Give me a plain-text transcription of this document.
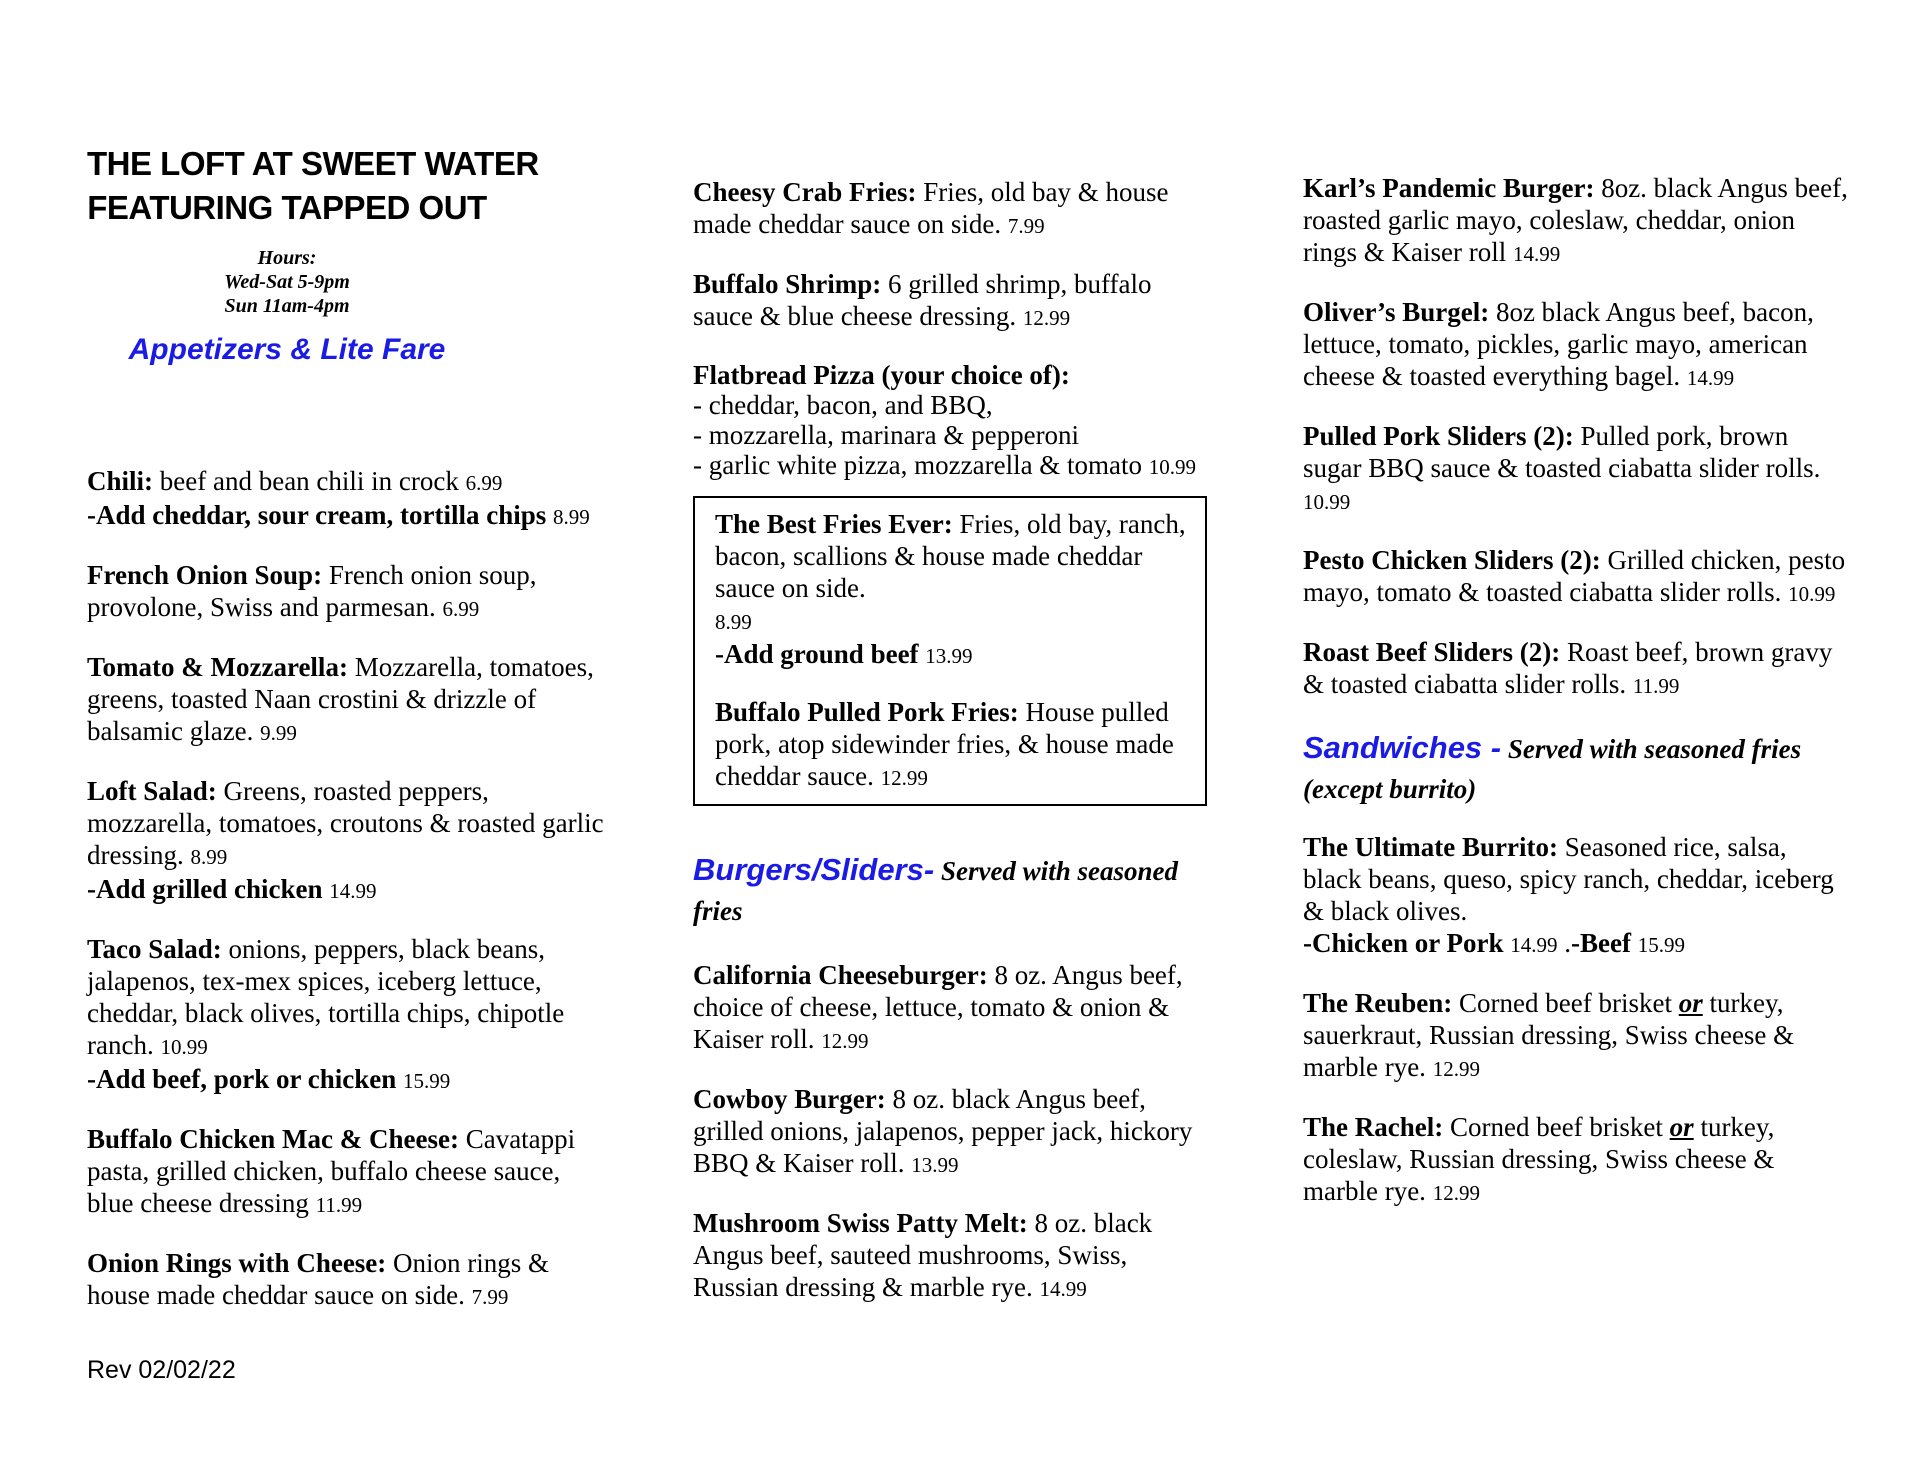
THE LOFT AT SWEET WATER
FEATURING TAPPED OUT
Hours:
Wed-Sat 5-9pm
Sun 11am-4pm
Appetizers & Lite Fare

Chili: beef and bean chili in crock 6.99
-Add cheddar, sour cream, tortilla chips 8.99

French Onion Soup: French onion soup, provolone, Swiss and parmesan. 6.99

Tomato & Mozzarella: Mozzarella, tomatoes, greens, toasted Naan crostini & drizzle of balsamic glaze. 9.99

Loft Salad: Greens, roasted peppers, mozzarella, tomatoes, croutons & roasted garlic dressing. 8.99
-Add grilled chicken 14.99

Taco Salad: onions, peppers, black beans, jalapenos, tex-mex spices, iceberg lettuce, cheddar, black olives, tortilla chips, chipotle ranch. 10.99
-Add beef, pork or chicken 15.99

Buffalo Chicken Mac & Cheese: Cavatappi pasta, grilled chicken, buffalo cheese sauce, blue cheese dressing 11.99

Onion Rings with Cheese: Onion rings & house made cheddar sauce on side. 7.99

Cheesy Crab Fries: Fries, old bay & house made cheddar sauce on side. 7.99

Buffalo Shrimp: 6 grilled shrimp, buffalo sauce & blue cheese dressing. 12.99

Flatbread Pizza (your choice of):
- cheddar, bacon, and BBQ,
- mozzarella, marinara & pepperoni
- garlic white pizza, mozzarella & tomato 10.99

The Best Fries Ever: Fries, old bay, ranch, bacon, scallions & house made cheddar sauce on side.
8.99
-Add ground beef 13.99

Buffalo Pulled Pork Fries: House pulled pork, atop sidewinder fries, & house made cheddar sauce. 12.99

Burgers/Sliders- Served with seasoned fries

California Cheeseburger: 8 oz. Angus beef, choice of cheese, lettuce, tomato & onion & Kaiser roll. 12.99

Cowboy Burger: 8 oz. black Angus beef, grilled onions, jalapenos, pepper jack, hickory BBQ & Kaiser roll. 13.99

Mushroom Swiss Patty Melt: 8 oz. black Angus beef, sauteed mushrooms, Swiss, Russian dressing & marble rye. 14.99

Karl’s Pandemic Burger: 8oz. black Angus beef, roasted garlic mayo, coleslaw, cheddar, onion rings & Kaiser roll 14.99

Oliver’s Burgel: 8oz black Angus beef, bacon, lettuce, tomato, pickles, garlic mayo, american cheese & toasted everything bagel. 14.99

Pulled Pork Sliders (2): Pulled pork, brown sugar BBQ sauce & toasted ciabatta slider rolls. 10.99

Pesto Chicken Sliders (2): Grilled chicken, pesto mayo, tomato & toasted ciabatta slider rolls. 10.99

Roast Beef Sliders (2): Roast beef, brown gravy & toasted ciabatta slider rolls. 11.99

Sandwiches - Served with seasoned fries (except burrito)

The Ultimate Burrito: Seasoned rice, salsa, black beans, queso, spicy ranch, cheddar, iceberg & black olives.
-Chicken or Pork 14.99 .-Beef 15.99

The Reuben: Corned beef brisket or turkey, sauerkraut, Russian dressing, Swiss cheese & marble rye. 12.99

The Rachel: Corned beef brisket or turkey, coleslaw, Russian dressing, Swiss cheese & marble rye. 12.99

Rev 02/02/22
